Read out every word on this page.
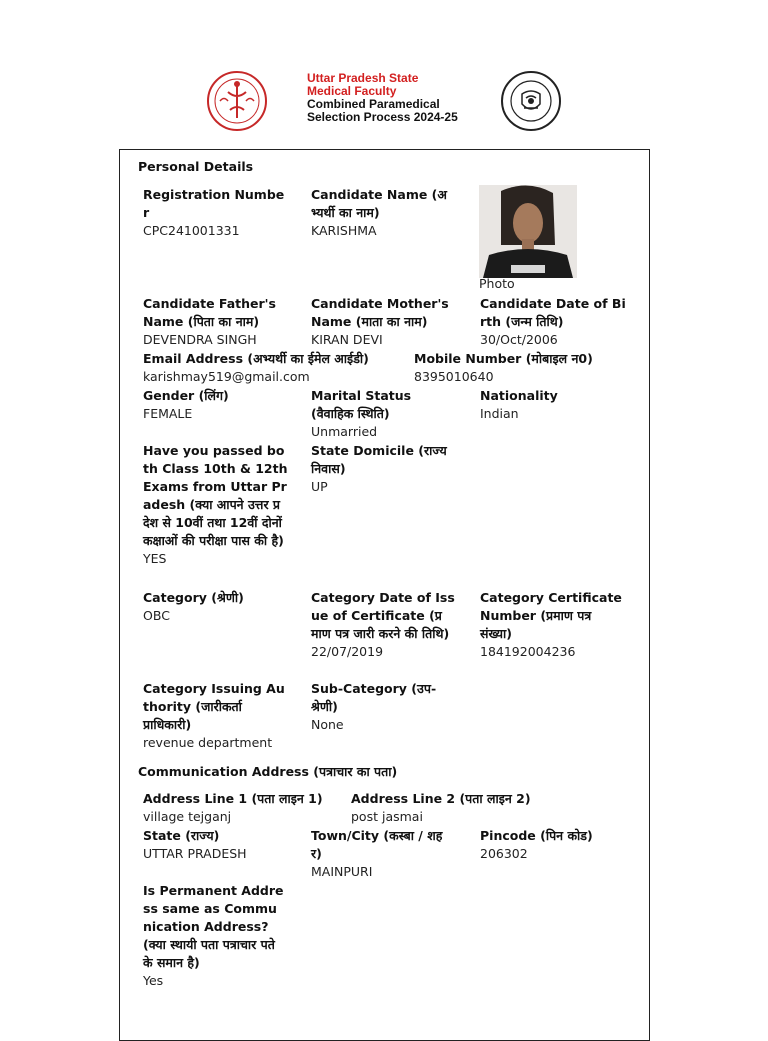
Uttar Pradesh State
Medical Faculty
Combined Paramedical
Selection Process 2024-25
Personal Details
Registration Number
CPC241001331
Candidate Name (अभ्यर्थी का नाम)
KARISHMA
Photo
Candidate Father's Name (पिता का नाम)
DEVENDRA SINGH
Candidate Mother's Name (माता का नाम)
KIRAN DEVI
Candidate Date of Birth (जन्म तिथि)
30/Oct/2006
Email Address (अभ्यर्थी का ईमेल आईडी)
karishmay519@gmail.com
Mobile Number (मोबाइल न0)
8395010640
Gender (लिंग)
FEMALE
Marital Status (वैवाहिक स्थिति)
Unmarried
Nationality
Indian
Have you passed both Class 10th & 12th Exams from Uttar Pradesh (क्या आपने उत्तर प्रदेश से 10वीं तथा 12वीं दोनों कक्षाओं की परीक्षा पास की है)
YES
State Domicile (राज्य निवास)
UP
Category (श्रेणी)
OBC
Category Date of Issue of Certificate (प्रमाण पत्र जारी करने की तिथि)
22/07/2019
Category Certificate Number (प्रमाण पत्र संख्या)
184192004236
Category Issuing Authority (जारीकर्ता प्राधिकारी)
revenue department
Sub-Category (उप-श्रेणी)
None
Communication Address (पत्राचार का पता)
Address Line 1 (पता लाइन 1)
village tejganj
Address Line 2 (पता लाइन 2)
post jasmai
State (राज्य)
UTTAR PRADESH
Town/City (कस्बा / शहर)
MAINPURI
Pincode (पिन कोड)
206302
Is Permanent Address same as Communication Address? (क्या स्थायी पता पत्राचार पते के समान है)
Yes
